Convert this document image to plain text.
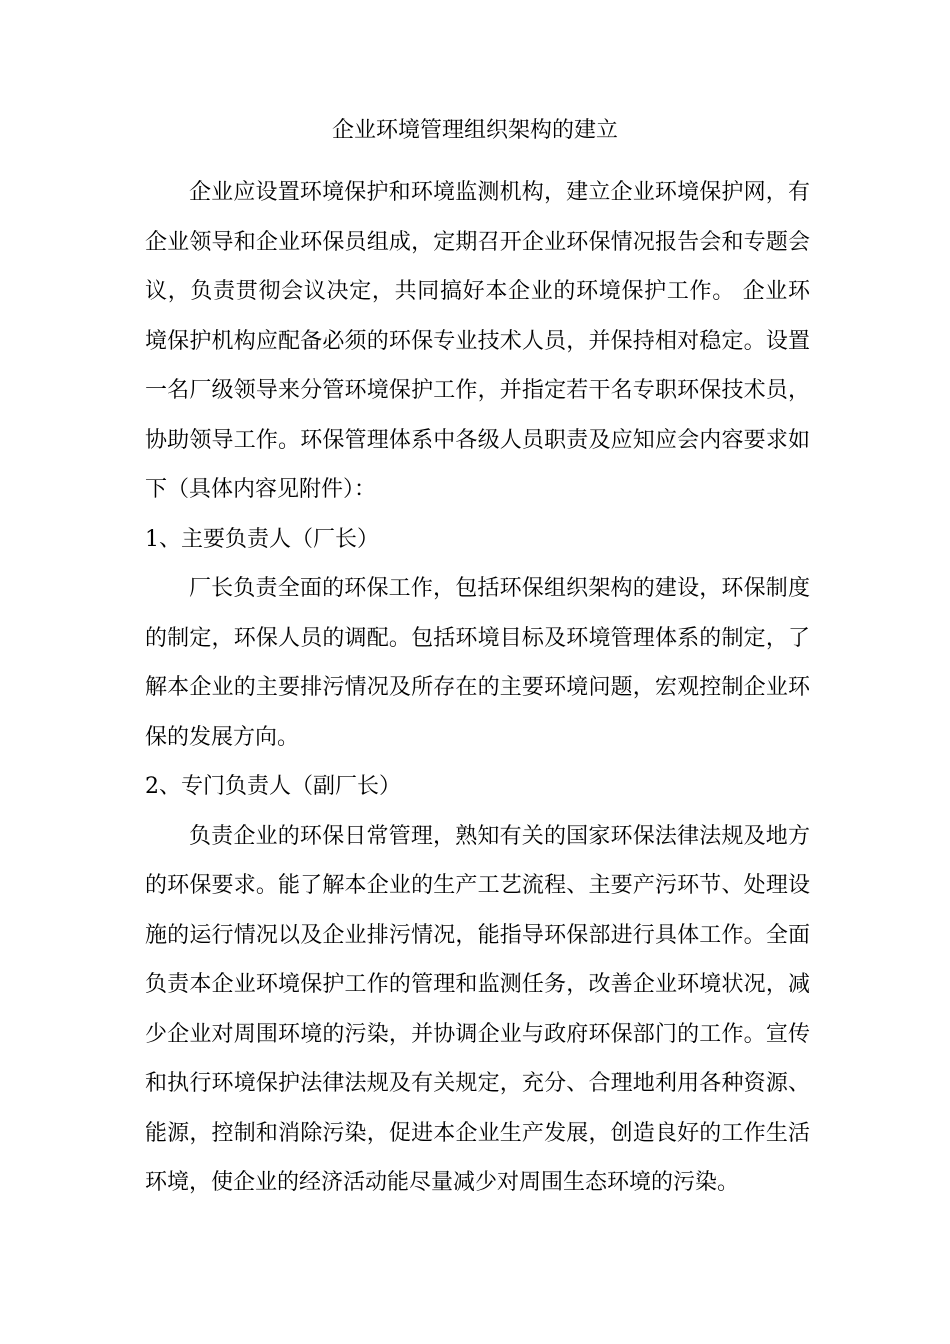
企业环境管理组织架构的建立

企业应设置环境保护和环境监测机构，建立企业环境保护网，有企业领导和企业环保员组成，定期召开企业环保情况报告会和专题会议，负责贯彻会议决定，共同搞好本企业的环境保护工作。 企业环境保护机构应配备必须的环保专业技术人员，并保持相对稳定。设置一名厂级领导来分管环境保护工作，并指定若干名专职环保技术员，协助领导工作。环保管理体系中各级人员职责及应知应会内容要求如下（具体内容见附件）：

1、主要负责人（厂长）

厂长负责全面的环保工作，包括环保组织架构的建设，环保制度的制定，环保人员的调配。包括环境目标及环境管理体系的制定，了解本企业的主要排污情况及所存在的主要环境问题，宏观控制企业环保的发展方向。

2、专门负责人（副厂长）

负责企业的环保日常管理，熟知有关的国家环保法律法规及地方的环保要求。能了解本企业的生产工艺流程、主要产污环节、处理设施的运行情况以及企业排污情况，能指导环保部进行具体工作。全面负责本企业环境保护工作的管理和监测任务，改善企业环境状况，减少企业对周围环境的污染，并协调企业与政府环保部门的工作。宣传和执行环境保护法律法规及有关规定，充分、合理地利用各种资源、能源，控制和消除污染，促进本企业生产发展，创造良好的工作生活环境，使企业的经济活动能尽量减少对周围生态环境的污染。
